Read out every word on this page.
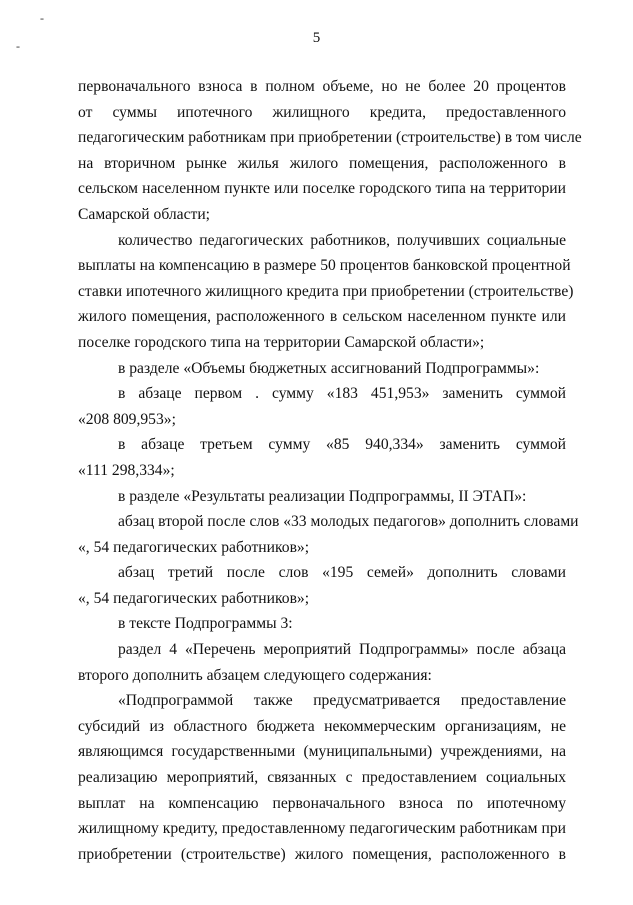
-
-	5
первоначального взноса в полном объеме, но не более 20 процентов
от суммы ипотечного жилищного кредита, предоставленного
педагогическим работникам при приобретении (строительстве) в том числе
на вторичном рынке жилья жилого помещения, расположенного в
сельском населенном пункте или поселке городского типа на территории
Самарской области;
количество педагогических работников, получивших социальные
выплаты на компенсацию в размере 50 процентов банковской процентной
ставки ипотечного жилищного кредита при приобретении (строительстве)
жилого помещения, расположенного в сельском населенном пункте или
поселке городского типа на территории Самарской области»;
в разделе «Объемы бюджетных ассигнований Подпрограммы»:
в абзаце первом . сумму «183 451,953» заменить суммой
«208 809,953»;
в абзаце третьем сумму «85 940,334» заменить суммой
«111 298,334»;
в разделе «Результаты реализации Подпрограммы, II ЭТАП»:
абзац второй после слов «33 молодых педагогов» дополнить словами
«, 54 педагогических работников»;
абзац третий после слов «195 семей» дополнить словами
«, 54 педагогических работников»;
в тексте Подпрограммы 3:
раздел 4 «Перечень мероприятий Подпрограммы» после абзаца
второго дополнить абзацем следующего содержания:
«Подпрограммой также предусматривается предоставление
субсидий из областного бюджета некоммерческим организациям, не
являющимся государственными (муниципальными) учреждениями, на
реализацию мероприятий, связанных с предоставлением социальных
выплат на компенсацию первоначального взноса по ипотечному
жилищному кредиту, предоставленному педагогическим работникам при
приобретении (строительстве) жилого помещения, расположенного в
